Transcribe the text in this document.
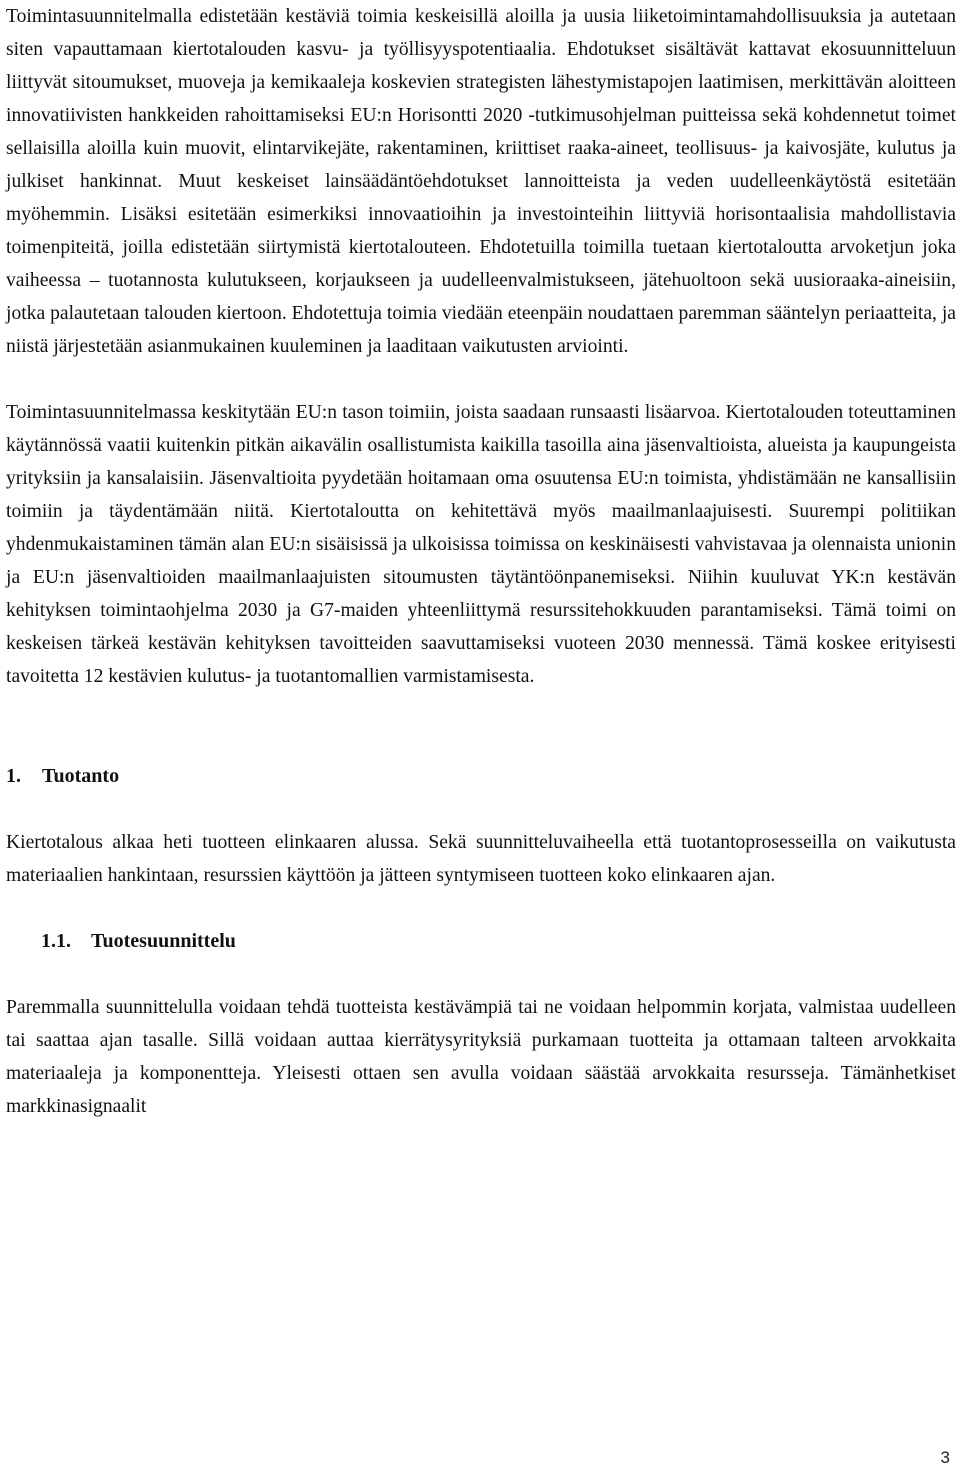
Toimintasuunnitelmalla edistetään kestäviä toimia keskeisillä aloilla ja uusia liiketoimintamahdollisuuksia ja autetaan siten vapauttamaan kiertotalouden kasvu- ja työllisyyspotentiaalia. Ehdotukset sisältävät kattavat ekosuunnitteluun liittyvät sitoumukset, muoveja ja kemikaaleja koskevien strategisten lähestymistapojen laatimisen, merkittävän aloitteen innovatiivisten hankkeiden rahoittamiseksi EU:n Horisontti 2020 -tutkimusohjelman puitteissa sekä kohdennetut toimet sellaisilla aloilla kuin muovit, elintarvikejäte, rakentaminen, kriittiset raaka-aineet, teollisuus- ja kaivosjäte, kulutus ja julkiset hankinnat. Muut keskeiset lainsäädäntöehdotukset lannoitteista ja veden uudelleenkäytöstä esitetään myöhemmin. Lisäksi esitetään esimerkiksi innovaatioihin ja investointeihin liittyviä horisontaalisia mahdollistavia toimenpiteitä, joilla edistetään siirtymistä kiertotalouteen. Ehdotetuilla toimilla tuetaan kiertotaloutta arvoketjun joka vaiheessa – tuotannosta kulutukseen, korjaukseen ja uudelleenvalmistukseen, jätehuoltoon sekä uusioraaka-aineisiin, jotka palautetaan talouden kiertoon. Ehdotettuja toimia viedään eteenpäin noudattaen paremman sääntelyn periaatteita, ja niistä järjestetään asianmukainen kuuleminen ja laaditaan vaikutusten arviointi.

Toimintasuunnitelmassa keskitytään EU:n tason toimiin, joista saadaan runsaasti lisäarvoa. Kiertotalouden toteuttaminen käytännössä vaatii kuitenkin pitkän aikavälin osallistumista kaikilla tasoilla aina jäsenvaltioista, alueista ja kaupungeista yrityksiin ja kansalaisiin. Jäsenvaltioita pyydetään hoitamaan oma osuutensa EU:n toimista, yhdistämään ne kansallisiin toimiin ja täydentämään niitä. Kiertotaloutta on kehitettävä myös maailmanlaajuisesti. Suurempi politiikan yhdenmukaistaminen tämän alan EU:n sisäisissä ja ulkoisissa toimissa on keskinäisesti vahvistavaa ja olennaista unionin ja EU:n jäsenvaltioiden maailmanlaajuisten sitoumusten täytäntöönpanemiseksi. Niihin kuuluvat YK:n kestävän kehityksen toimintaohjelma 2030 ja G7-maiden yhteenliittymä resurssitehokkuuden parantamiseksi. Tämä toimi on keskeisen tärkeä kestävän kehityksen tavoitteiden saavuttamiseksi vuoteen 2030 mennessä. Tämä koskee erityisesti tavoitetta 12 kestävien kulutus- ja tuotantomallien varmistamisesta.

1. Tuotanto

Kiertotalous alkaa heti tuotteen elinkaaren alussa. Sekä suunnitteluvaiheella että tuotantoprosesseilla on vaikutusta materiaalien hankintaan, resurssien käyttöön ja jätteen syntymiseen tuotteen koko elinkaaren ajan.

1.1. Tuotesuunnittelu

Paremmalla suunnittelulla voidaan tehdä tuotteista kestävämpiä tai ne voidaan helpommin korjata, valmistaa uudelleen tai saattaa ajan tasalle. Sillä voidaan auttaa kierrätysyrityksiä purkamaan tuotteita ja ottamaan talteen arvokkaita materiaaleja ja komponentteja. Yleisesti ottaen sen avulla voidaan säästää arvokkaita resursseja. Tämänhetkiset markkinasignaalit

3
